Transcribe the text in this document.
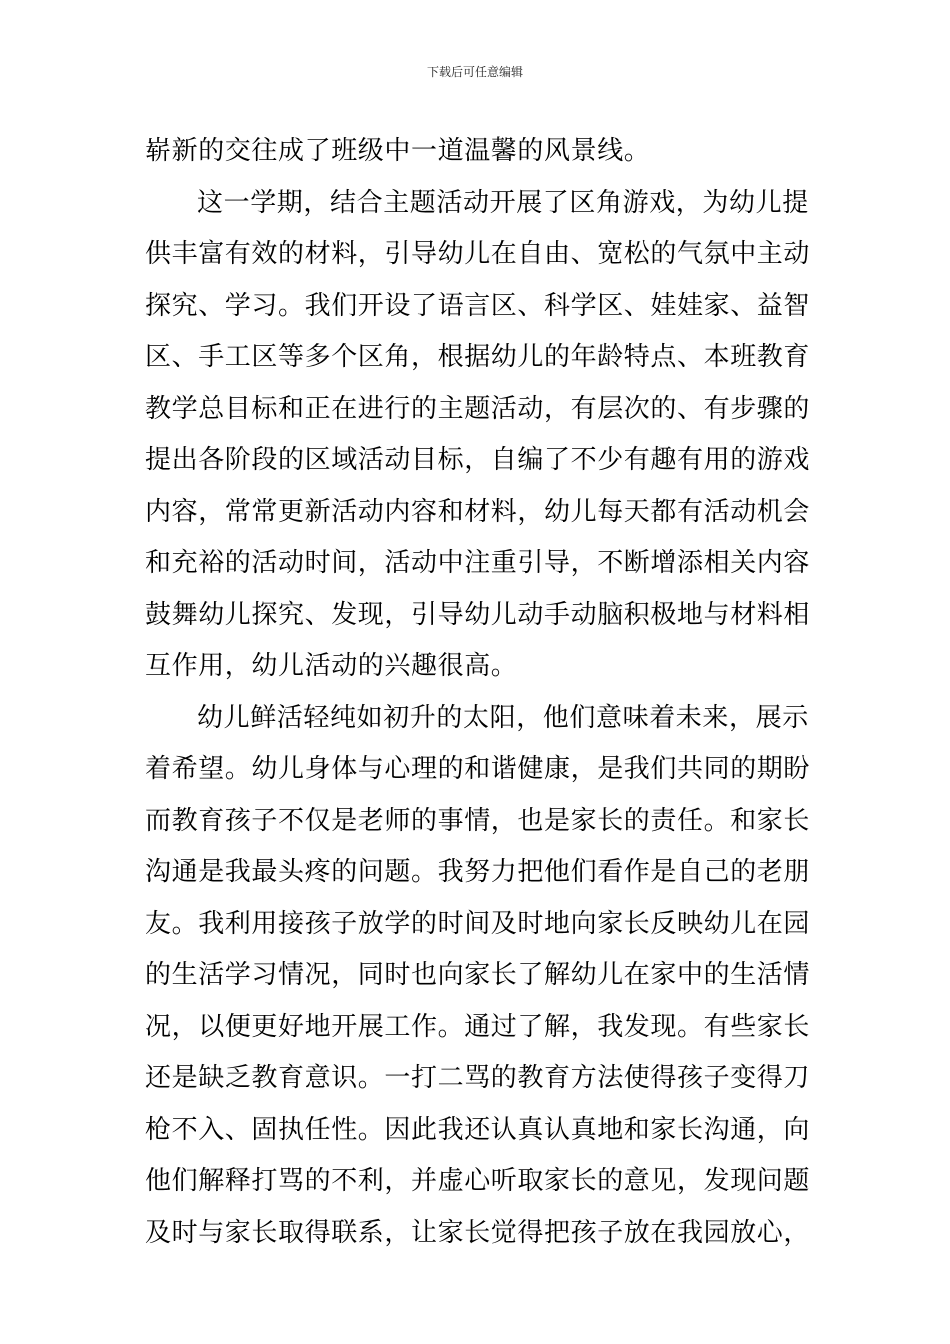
下载后可任意编辑
崭新的交往成了班级中一道温馨的风景线。
这一学期，结合主题活动开展了区角游戏，为幼儿提
供丰富有效的材料，引导幼儿在自由、宽松的气氛中主动
探究、学习。我们开设了语言区、科学区、娃娃家、益智
区、手工区等多个区角，根据幼儿的年龄特点、本班教育
教学总目标和正在进行的主题活动，有层次的、有步骤的
提出各阶段的区域活动目标，自编了不少有趣有用的游戏
内容，常常更新活动内容和材料，幼儿每天都有活动机会
和充裕的活动时间，活动中注重引导，不断增添相关内容
鼓舞幼儿探究、发现，引导幼儿动手动脑积极地与材料相
互作用，幼儿活动的兴趣很高。
幼儿鲜活轻纯如初升的太阳，他们意味着未来，展示
着希望。幼儿身体与心理的和谐健康，是我们共同的期盼
而教育孩子不仅是老师的事情，也是家长的责任。和家长
沟通是我最头疼的问题。我努力把他们看作是自己的老朋
友。我利用接孩子放学的时间及时地向家长反映幼儿在园
的生活学习情况，同时也向家长了解幼儿在家中的生活情
况，以便更好地开展工作。通过了解，我发现。有些家长
还是缺乏教育意识。一打二骂的教育方法使得孩子变得刀
枪不入、固执任性。因此我还认真认真地和家长沟通，向
他们解释打骂的不利，并虚心听取家长的意见，发现问题
及时与家长取得联系，让家长觉得把孩子放在我园放心，
